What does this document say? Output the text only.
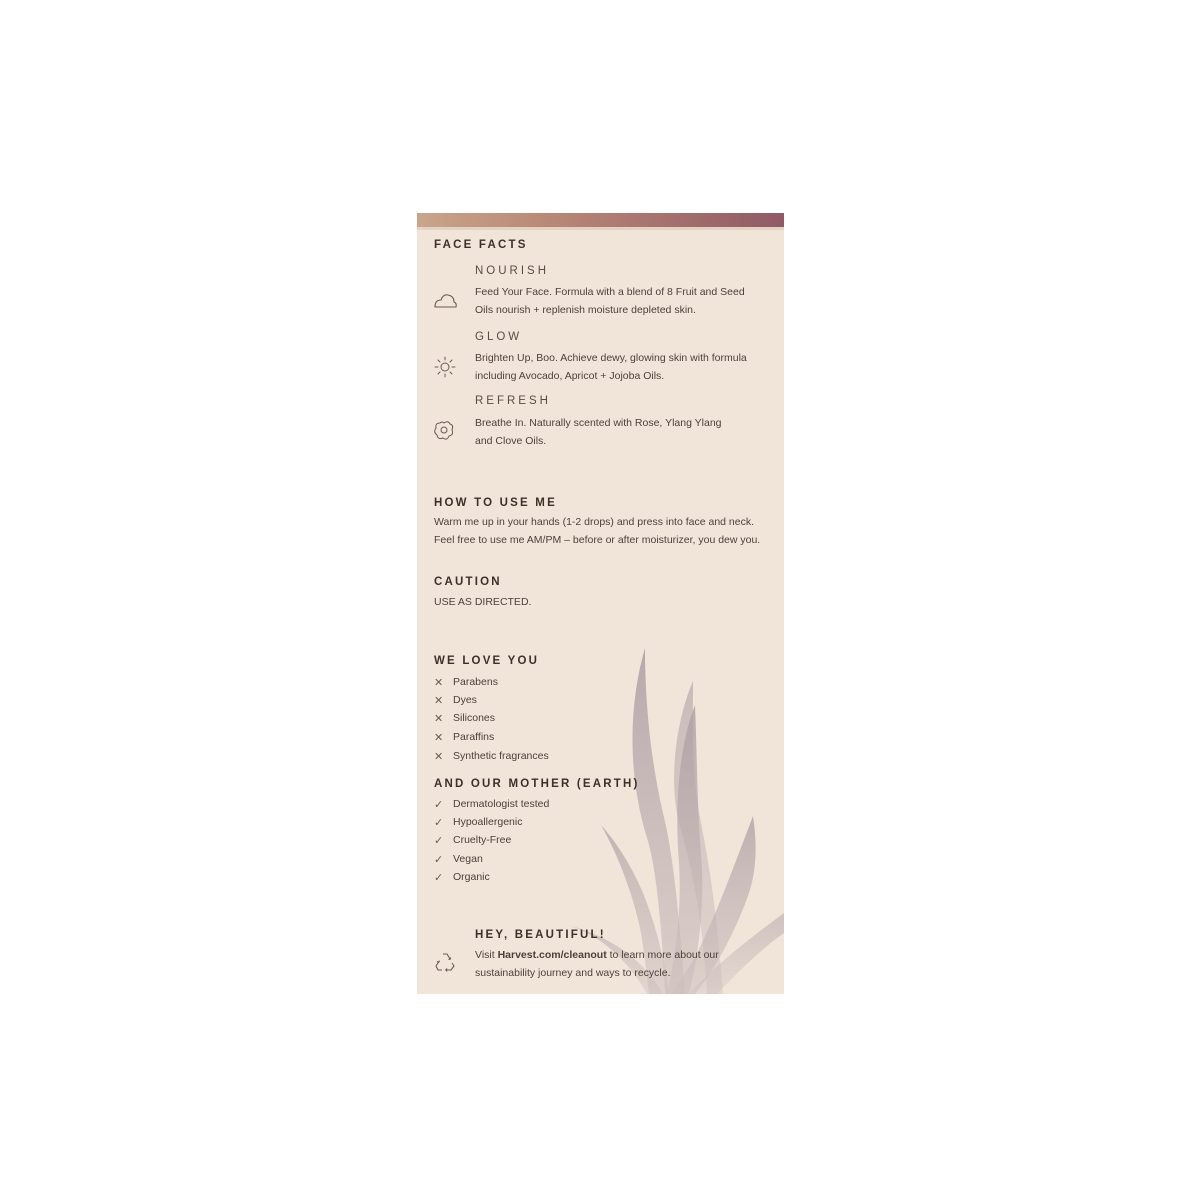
FACE FACTS
NOURISH
Feed Your Face. Formula with a blend of 8 Fruit and Seed Oils nourish + replenish moisture depleted skin.
GLOW
Brighten Up, Boo. Achieve dewy, glowing skin with formula including Avocado, Apricot + Jojoba Oils.
REFRESH
Breathe In. Naturally scented with Rose, Ylang Ylang and Clove Oils.
HOW TO USE ME
Warm me up in your hands (1-2 drops) and press into face and neck. Feel free to use me AM/PM – before or after moisturizer, you dew you.
CAUTION
USE AS DIRECTED.
WE LOVE YOU
✕ Parabens
✕ Dyes
✕ Silicones
✕ Paraffins
✕ Synthetic fragrances
AND OUR MOTHER (EARTH)
✓ Dermatologist tested
✓ Hypoallergenic
✓ Cruelty-Free
✓ Vegan
✓ Organic
HEY, BEAUTIFUL!
Visit Harvest.com/cleanout to learn more about our sustainability journey and ways to recycle.
